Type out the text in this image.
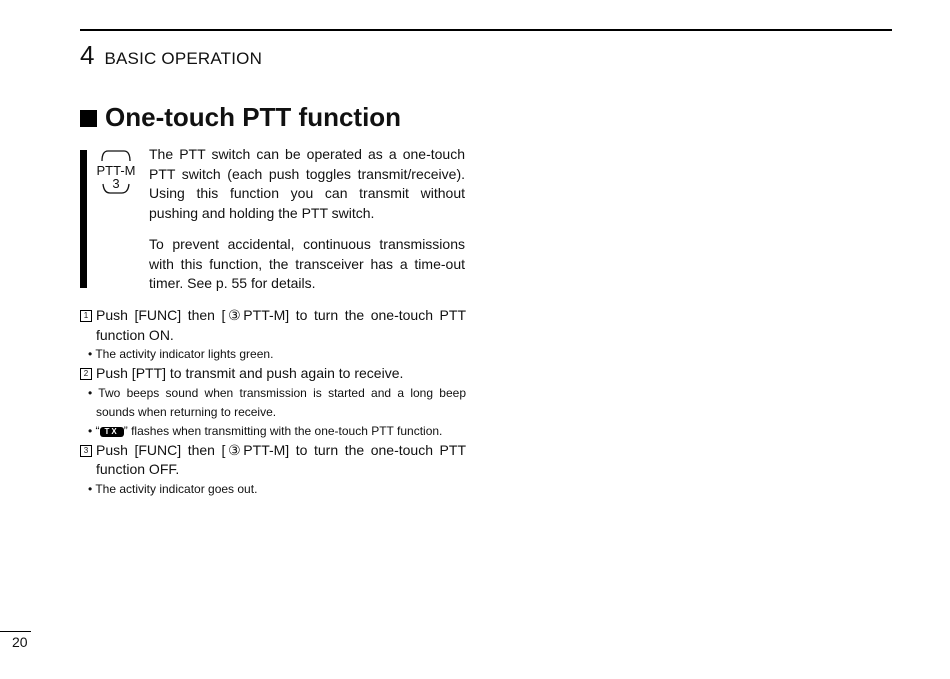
4 BASIC OPERATION
One-touch PTT function
PTT-M
3

The PTT switch can be operated as a one-touch PTT switch (each push toggles transmit/receive). Using this function you can transmit without pushing and holding the PTT switch.

To prevent accidental, continuous transmissions with this function, the transceiver has a time-out timer. See p. 55 for details.

1 Push [FUNC] then [③PTT-M] to turn the one-touch PTT function ON.
• The activity indicator lights green.
2 Push [PTT] to transmit and push again to receive.
• Two beeps sound when transmission is started and a long beep sounds when returning to receive.
• “ TX ” flashes when transmitting with the one-touch PTT function.
3 Push [FUNC] then [③PTT-M] to turn the one-touch PTT function OFF.
• The activity indicator goes out.
20
